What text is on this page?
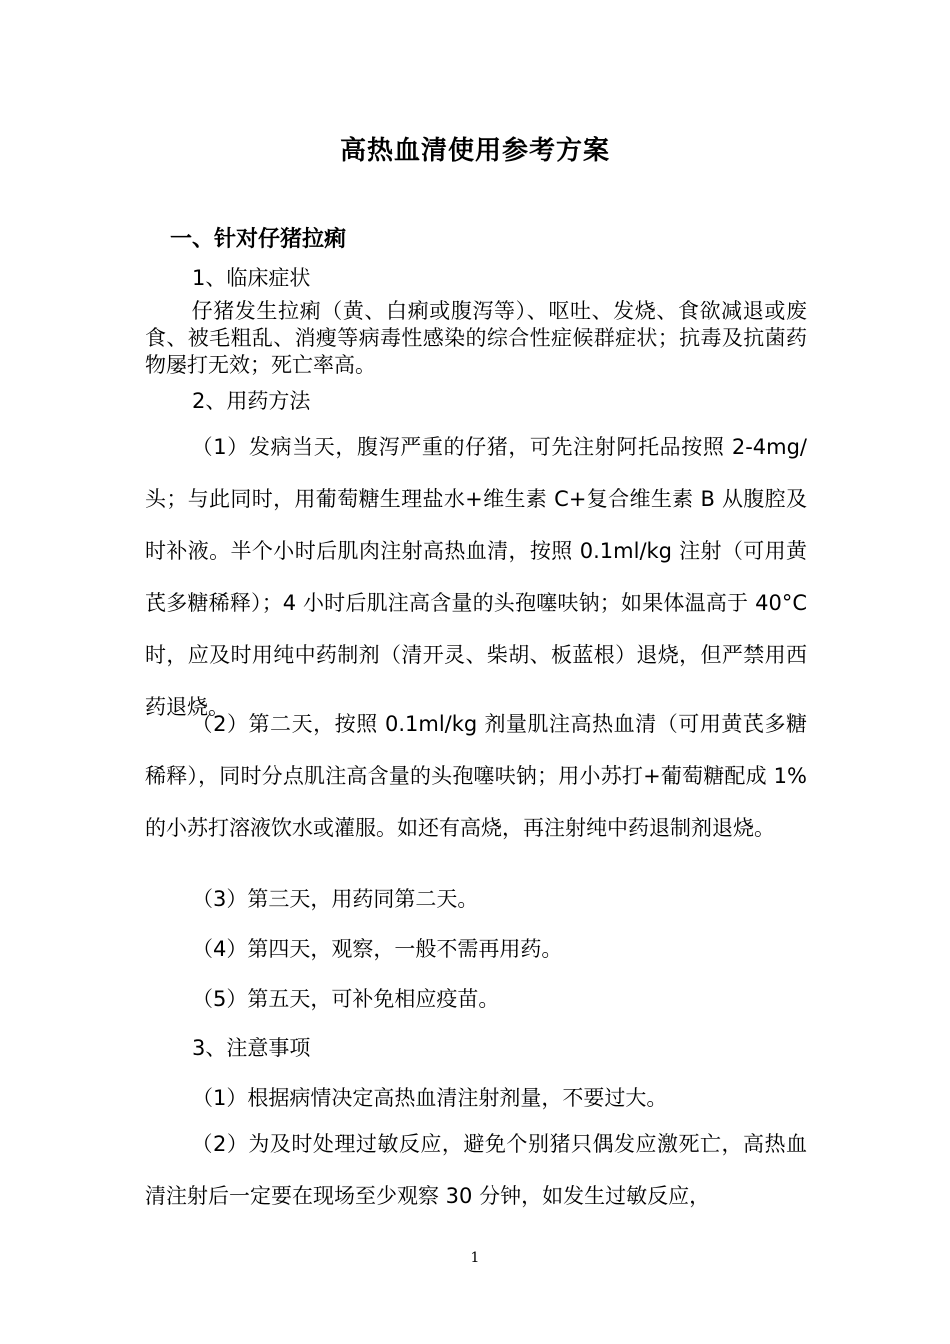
高热血清使用参考方案
一、针对仔猪拉痢
1、临床症状
仔猪发生拉痢（黄、白痢或腹泻等）、呕吐、发烧、食欲减退或废食、被毛粗乱、消瘦等病毒性感染的综合性症候群症状；抗毒及抗菌药物屡打无效；死亡率高。
2、用药方法
（1）发病当天，腹泻严重的仔猪，可先注射阿托品按照 2-4mg/头；与此同时，用葡萄糖生理盐水+维生素 C+复合维生素 B 从腹腔及时补液。半个小时后肌肉注射高热血清，按照 0.1ml/kg 注射（可用黄芪多糖稀释）；4 小时后肌注高含量的头孢噻呋钠；如果体温高于 40°C时，应及时用纯中药制剂（清开灵、柴胡、板蓝根）退烧，但严禁用西药退烧。
（2）第二天，按照 0.1ml/kg 剂量肌注高热血清（可用黄芪多糖稀释），同时分点肌注高含量的头孢噻呋钠；用小苏打+葡萄糖配成 1%的小苏打溶液饮水或灌服。如还有高烧，再注射纯中药退制剂退烧。
（3）第三天，用药同第二天。
（4）第四天，观察，一般不需再用药。
（5）第五天，可补免相应疫苗。
3、注意事项
（1）根据病情决定高热血清注射剂量，不要过大。
（2）为及时处理过敏反应，避免个别猪只偶发应激死亡，高热血清注射后一定要在现场至少观察 30 分钟，如发生过敏反应，
1
